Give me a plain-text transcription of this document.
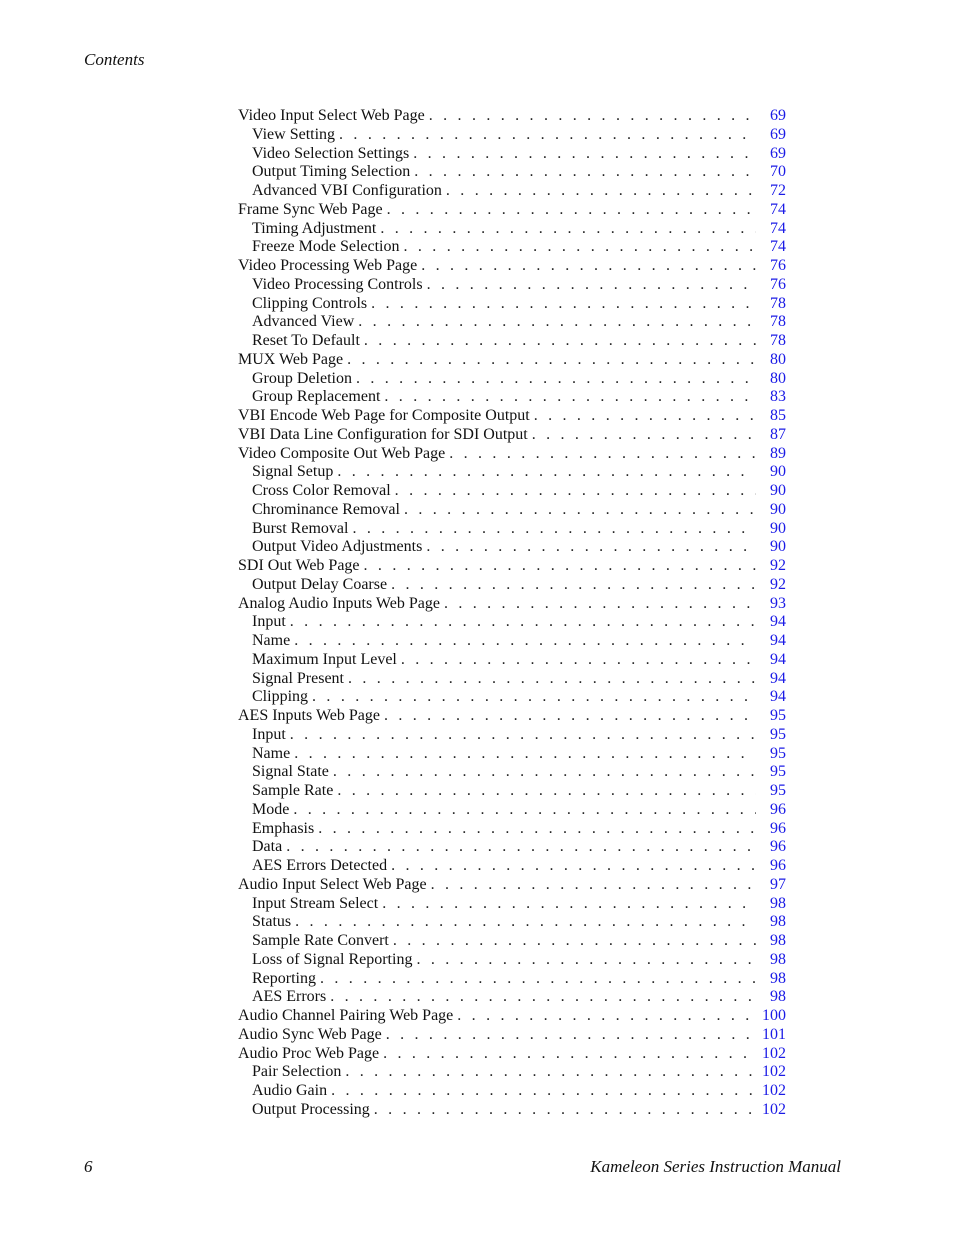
Contents
Video Input Select Web Page . . .	69
View Setting . . .	69
Video Selection Settings . . .	69
Output Timing Selection . . .	70
Advanced VBI Configuration . . .	72
Frame Sync Web Page . . .	74
Timing Adjustment . . .	74
Freeze Mode Selection . . .	74
Video Processing Web Page . . .	76
Video Processing Controls . . .	76
Clipping Controls . . .	78
Advanced View . . .	78
Reset To Default . . .	78
MUX Web Page . . .	80
Group Deletion . . .	80
Group Replacement . . .	83
VBI Encode Web Page for Composite Output . . .	85
VBI Data Line Configuration for SDI Output . . .	87
Video Composite Out Web Page . . .	89
Signal Setup . . .	90
Cross Color Removal . . .	90
Chrominance Removal . . .	90
Burst Removal . . .	90
Output Video Adjustments . . .	90
SDI Out Web Page . . .	92
Output Delay Coarse . . .	92
Analog Audio Inputs Web Page . . .	93
Input . . .	94
Name . . .	94
Maximum Input Level . . .	94
Signal Present . . .	94
Clipping . . .	94
AES Inputs Web Page . . .	95
Input . . .	95
Name . . .	95
Signal State . . .	95
Sample Rate . . .	95
Mode . . .	96
Emphasis . . .	96
Data . . .	96
AES Errors Detected . . .	96
Audio Input Select Web Page . . .	97
Input Stream Select . . .	98
Status . . .	98
Sample Rate Convert . . .	98
Loss of Signal Reporting . . .	98
Reporting . . .	98
AES Errors . . .	98
Audio Channel Pairing Web Page . . .	100
Audio Sync Web Page . . .	101
Audio Proc Web Page . . .	102
Pair Selection . . .	102
Audio Gain . . .	102
Output Processing . . .	102
6	Kameleon Series Instruction Manual
